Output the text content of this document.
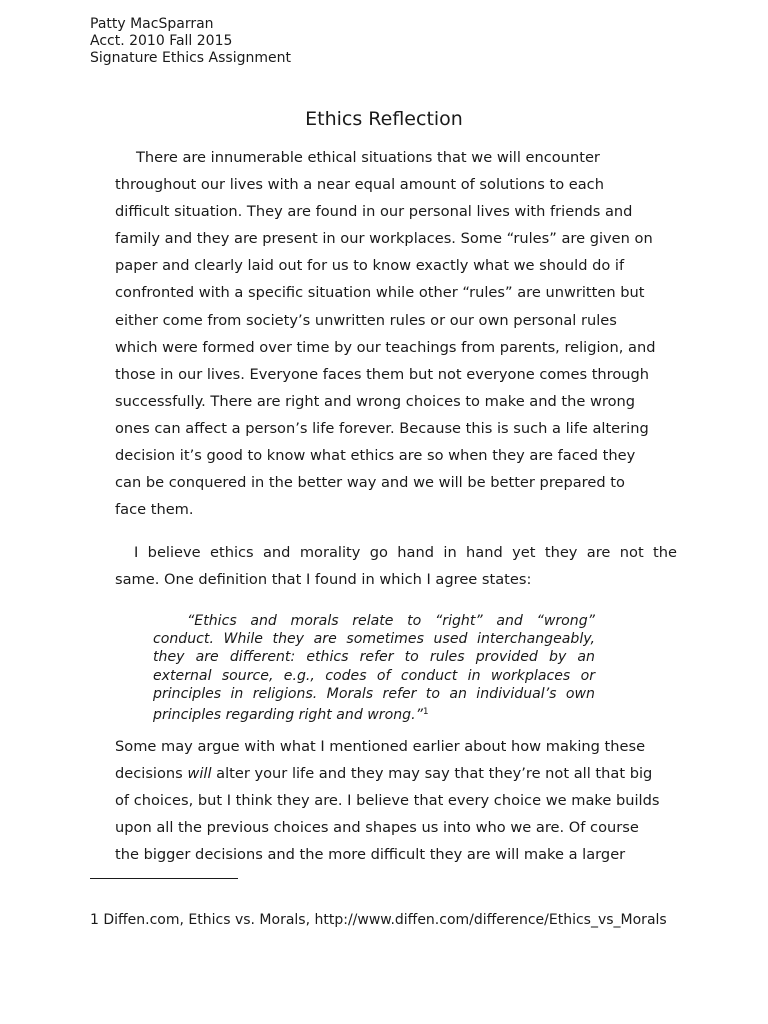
Patty MacSparran
Acct. 2010 Fall 2015
Signature Ethics Assignment
Ethics Reflection
There are innumerable ethical situations that we will encounter
throughout our lives with a near equal amount of solutions to each
difficult situation. They are found in our personal lives with friends and
family and they are present in our workplaces. Some “rules” are given on
paper and clearly laid out for us to know exactly what we should do if
confronted with a specific situation while other “rules” are unwritten but
either come from society’s unwritten rules or our own personal rules
which were formed over time by our teachings from parents, religion, and
those in our lives. Everyone faces them but not everyone comes through
successfully. There are right and wrong choices to make and the wrong
ones can affect a person’s life forever. Because this is such a life altering
decision it’s good to know what ethics are so when they are faced they
can be conquered in the better way and we will be better prepared to
face them.
I believe ethics and morality go hand in hand yet they are not the
same. One definition that I found in which I agree states:
“Ethics and morals relate to “right” and “wrong”
conduct. While they are sometimes used interchangeably,
they are different: ethics refer to rules provided by an
external source, e.g., codes of conduct in workplaces or
principles in religions. Morals refer to an individual’s own
principles regarding right and wrong.”$^1$
Some may argue with what I mentioned earlier about how making these
decisions will alter your life and they may say that they’re not all that big
of choices, but I think they are. I believe that every choice we make builds
upon all the previous choices and shapes us into who we are. Of course
the bigger decisions and the more difficult they are will make a larger
1 Diffen.com, Ethics vs. Morals, http://www.diffen.com/difference/Ethics_vs_Morals
